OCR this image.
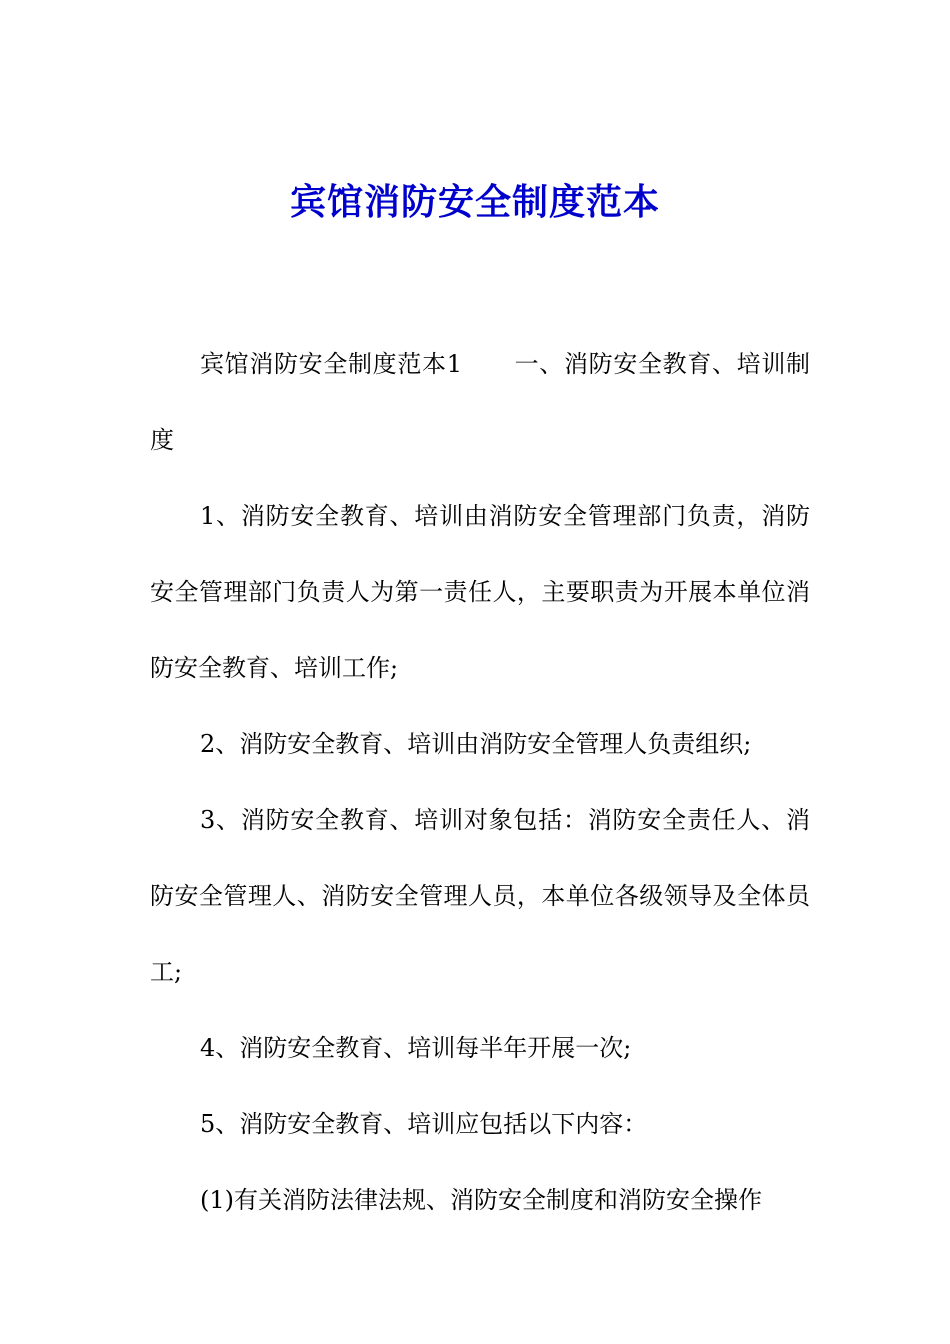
宾馆消防安全制度范本

宾馆消防安全制度范本1 一、消防安全教育、培训制度

1、消防安全教育、培训由消防安全管理部门负责，消防安全管理部门负责人为第一责任人，主要职责为开展本单位消防安全教育、培训工作;

2、消防安全教育、培训由消防安全管理人负责组织;

3、消防安全教育、培训对象包括：消防安全责任人、消防安全管理人、消防安全管理人员，本单位各级领导及全体员工;

4、消防安全教育、培训每半年开展一次;

5、消防安全教育、培训应包括以下内容：

(1)有关消防法律法规、消防安全制度和消防安全操作
